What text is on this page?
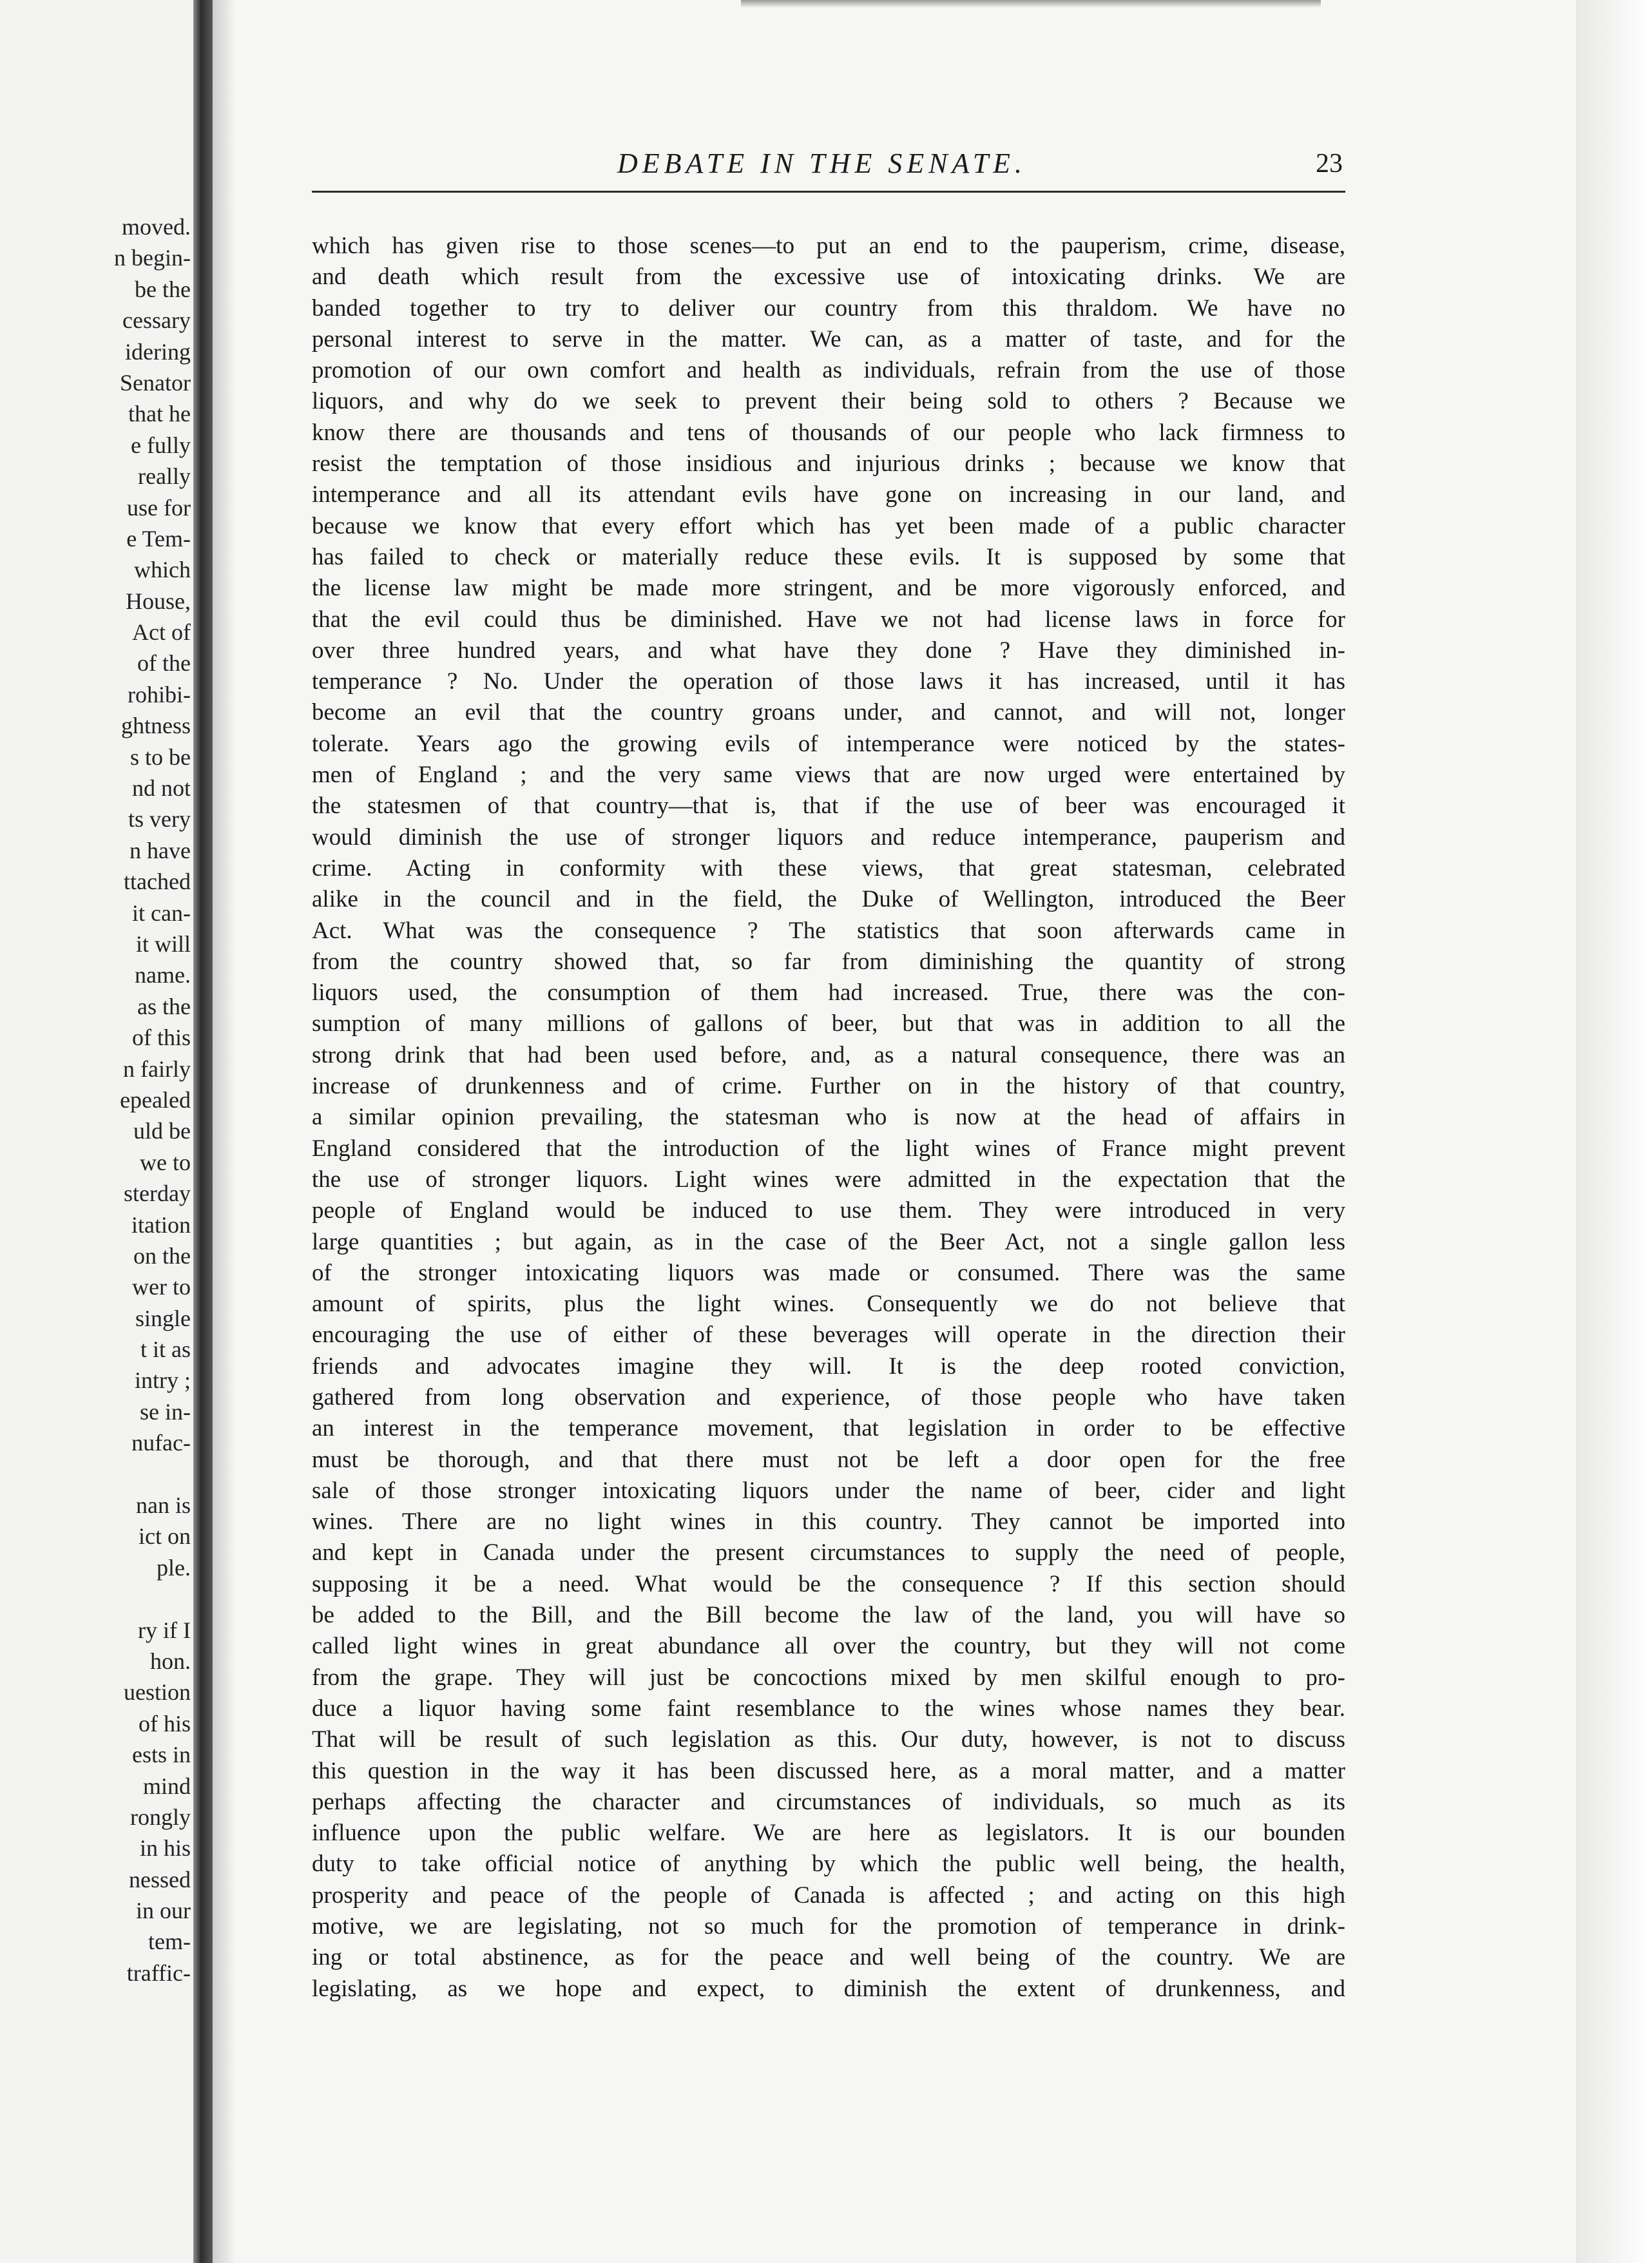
moved.
n begin-
be the
cessary
idering
Senator
that he
e fully
really
use for
e Tem-
which
House,
Act of
of the
rohibi-
ghtness
s to be
nd not
ts very
n have
ttached
it can-
it will
name.
as the
of this
n fairly
epealed
uld be
we to
sterday
itation
on the
wer to
single
t it as
intry ;
se in-
nufac-
nan is
ict on
ple.
ry if I
hon.
uestion
of his
ests in
mind
rongly
in his
nessed
in our
tem-
traffic-
DEBATE IN THE SENATE.	23
which has given rise to those scenes—to put an end to the pauperism, crime, disease,
and death which result from the excessive use of intoxicating drinks. We are
banded together to try to deliver our country from this thraldom. We have no
personal interest to serve in the matter. We can, as a matter of taste, and for the
promotion of our own comfort and health as individuals, refrain from the use of those
liquors, and why do we seek to prevent their being sold to others ? Because we
know there are thousands and tens of thousands of our people who lack firmness to
resist the temptation of those insidious and injurious drinks ; because we know that
intemperance and all its attendant evils have gone on increasing in our land, and
because we know that every effort which has yet been made of a public character
has failed to check or materially reduce these evils. It is supposed by some that
the license law might be made more stringent, and be more vigorously enforced, and
that the evil could thus be diminished. Have we not had license laws in force for
over three hundred years, and what have they done ? Have they diminished in-
temperance ? No. Under the operation of those laws it has increased, until it has
become an evil that the country groans under, and cannot, and will not, longer
tolerate. Years ago the growing evils of intemperance were noticed by the states-
men of England ; and the very same views that are now urged were entertained by
the statesmen of that country—that is, that if the use of beer was encouraged it
would diminish the use of stronger liquors and reduce intemperance, pauperism and
crime. Acting in conformity with these views, that great statesman, celebrated
alike in the council and in the field, the Duke of Wellington, introduced the Beer
Act. What was the consequence ? The statistics that soon afterwards came in
from the country showed that, so far from diminishing the quantity of strong
liquors used, the consumption of them had increased. True, there was the con-
sumption of many millions of gallons of beer, but that was in addition to all the
strong drink that had been used before, and, as a natural consequence, there was an
increase of drunkenness and of crime. Further on in the history of that country,
a similar opinion prevailing, the statesman who is now at the head of affairs in
England considered that the introduction of the light wines of France might prevent
the use of stronger liquors. Light wines were admitted in the expectation that the
people of England would be induced to use them. They were introduced in very
large quantities ; but again, as in the case of the Beer Act, not a single gallon less
of the stronger intoxicating liquors was made or consumed. There was the same
amount of spirits, plus the light wines. Consequently we do not believe that
encouraging the use of either of these beverages will operate in the direction their
friends and advocates imagine they will. It is the deep rooted conviction,
gathered from long observation and experience, of those people who have taken
an interest in the temperance movement, that legislation in order to be effective
must be thorough, and that there must not be left a door open for the free
sale of those stronger intoxicating liquors under the name of beer, cider and light
wines. There are no light wines in this country. They cannot be imported into
and kept in Canada under the present circumstances to supply the need of people,
supposing it be a need. What would be the consequence ? If this section should
be added to the Bill, and the Bill become the law of the land, you will have so
called light wines in great abundance all over the country, but they will not come
from the grape. They will just be concoctions mixed by men skilful enough to pro-
duce a liquor having some faint resemblance to the wines whose names they bear.
That will be result of such legislation as this. Our duty, however, is not to discuss
this question in the way it has been discussed here, as a moral matter, and a matter
perhaps affecting the character and circumstances of individuals, so much as its
influence upon the public welfare. We are here as legislators. It is our bounden
duty to take official notice of anything by which the public well being, the health,
prosperity and peace of the people of Canada is affected ; and acting on this high
motive, we are legislating, not so much for the promotion of temperance in drink-
ing or total abstinence, as for the peace and well being of the country. We are
legislating, as we hope and expect, to diminish the extent of drunkenness, and
